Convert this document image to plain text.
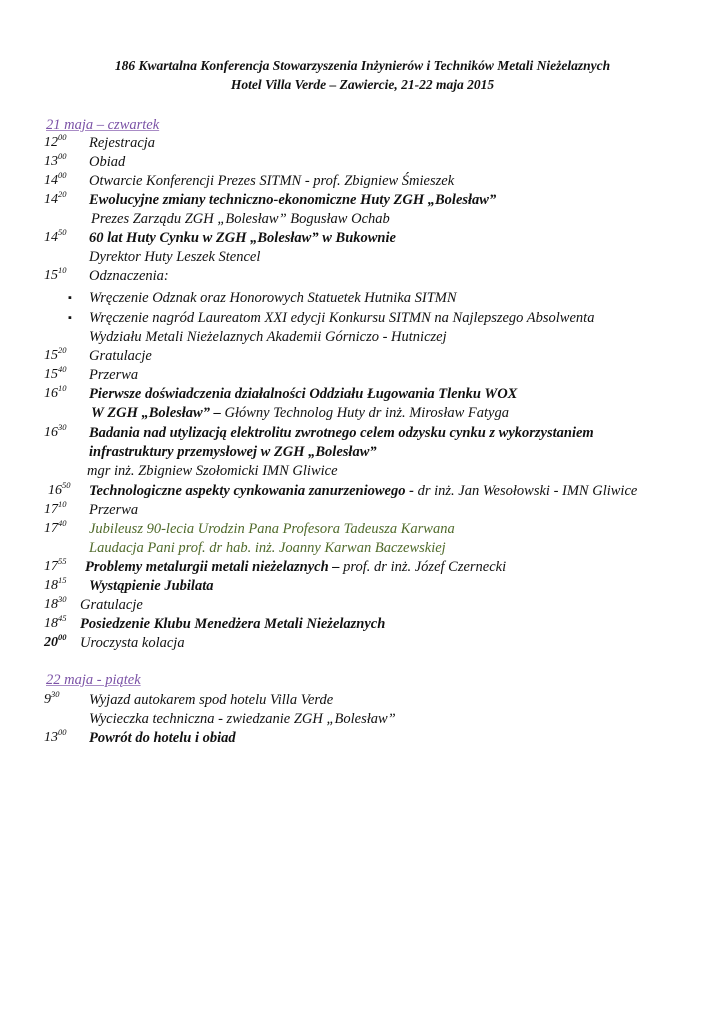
186 Kwartalna Konferencja Stowarzyszenia Inżynierów i Techników Metali Nieżelaznych
Hotel Villa Verde – Zawiercie, 21-22 maja 2015
21 maja – czwartek
$12^{00}$ Rejestracja
$13^{00}$ Obiad
$14^{00}$ Otwarcie Konferencji Prezes SITMN - prof. Zbigniew Śmieszek
$14^{20}$ Ewolucyjne zmiany techniczno-ekonomiczne Huty ZGH „Bolesław”
Prezes Zarządu ZGH „Bolesław” Bogusław Ochab
$14^{50}$ 60 lat Huty Cynku w ZGH „Bolesław” w Bukownie
Dyrektor Huty Leszek Stencel
$15^{10}$ Odznaczenia:
▪ Wręczenie Odznak oraz Honorowych Statuetek Hutnika SITMN
▪ Wręczenie nagród Laureatom XXI edycji Konkursu SITMN na Najlepszego Absolwenta
Wydziału Metali Nieżelaznych Akademii Górniczo - Hutniczej
$15^{20}$ Gratulacje
$15^{40}$ Przerwa
$16^{10}$ Pierwsze doświadczenia działalności Oddziału Ługowania Tlenku WOX
W ZGH „Bolesław” – Główny Technolog Huty dr inż. Mirosław Fatyga
$16^{30}$ Badania nad utylizacją elektrolitu zwrotnego celem odzysku cynku z wykorzystaniem
infrastruktury przemysłowej w ZGH „Bolesław”
mgr inż. Zbigniew Szołomicki IMN Gliwice
$16^{50}$ Technologiczne aspekty cynkowania zanurzeniowego - dr inż. Jan Wesołowski - IMN Gliwice
$17^{10}$ Przerwa
$17^{40}$ Jubileusz 90-lecia Urodzin Pana Profesora Tadeusza Karwana
Laudacja Pani prof. dr hab. inż. Joanny Karwan Baczewskiej
$17^{55}$ Problemy metalurgii metali nieżelaznych – prof. dr inż. Józef Czernecki
$18^{15}$ Wystąpienie Jubilata
$18^{30}$ Gratulacje
$18^{45}$ Posiedzenie Klubu Menedżera Metali Nieżelaznych
$20^{00}$ Uroczysta kolacja
22 maja - piątek
$9^{30}$ Wyjazd autokarem spod hotelu Villa Verde
Wycieczka techniczna - zwiedzanie ZGH „Bolesław”
$13^{00}$ Powrót do hotelu i obiad
